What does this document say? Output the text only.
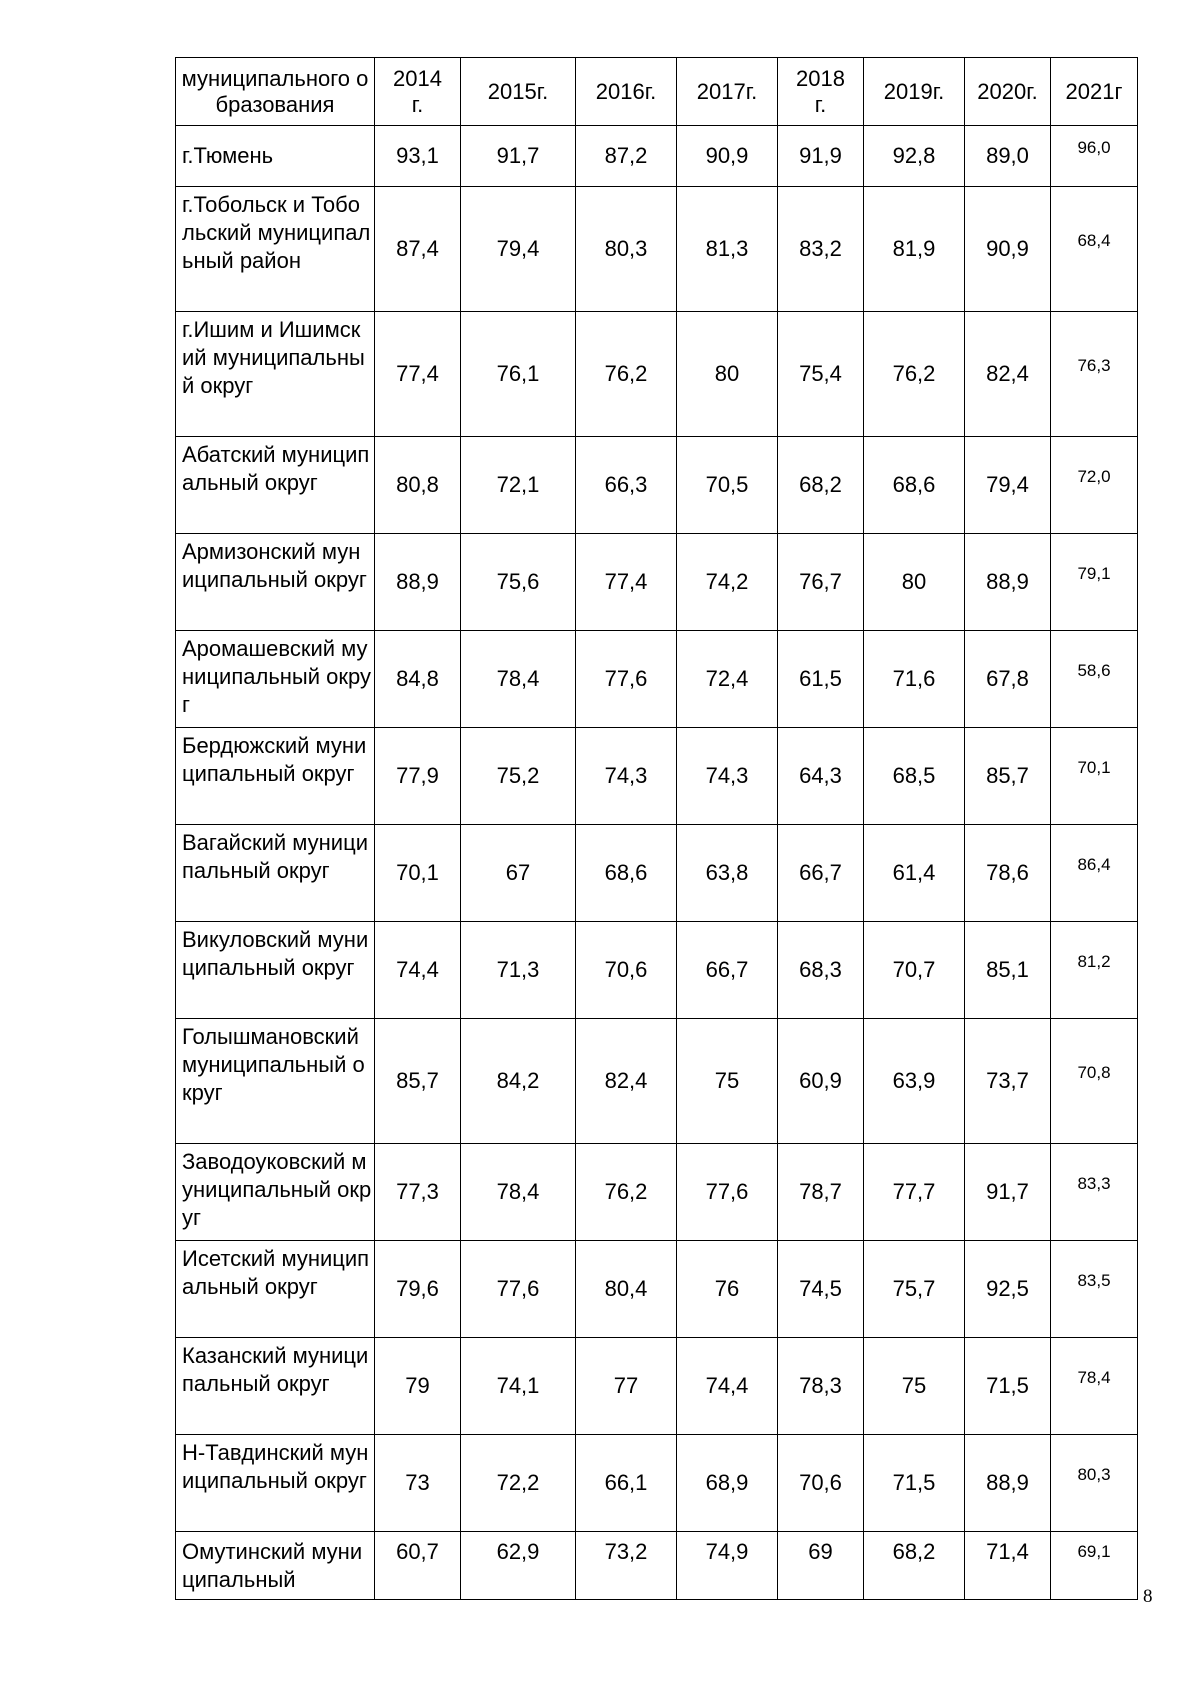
муниципального образования	2014 г.	2015г.	2016г.	2017г.	2018 г.	2019г.	2020г.	2021г
г.Тюмень	93,1	91,7	87,2	90,9	91,9	92,8	89,0	96,0
г.Тобольск и Тобольский муниципальный район	87,4	79,4	80,3	81,3	83,2	81,9	90,9	68,4
г.Ишим и Ишимский муниципальный округ	77,4	76,1	76,2	80	75,4	76,2	82,4	76,3
Абатский муниципальный округ	80,8	72,1	66,3	70,5	68,2	68,6	79,4	72,0
Армизонский муниципальный округ	88,9	75,6	77,4	74,2	76,7	80	88,9	79,1
Аромашевский муниципальный округ	84,8	78,4	77,6	72,4	61,5	71,6	67,8	58,6
Бердюжский муниципальный округ	77,9	75,2	74,3	74,3	64,3	68,5	85,7	70,1
Вагайский муниципальный округ	70,1	67	68,6	63,8	66,7	61,4	78,6	86,4
Викуловский муниципальный округ	74,4	71,3	70,6	66,7	68,3	70,7	85,1	81,2
Голышмановский муниципальный округ	85,7	84,2	82,4	75	60,9	63,9	73,7	70,8
Заводоуковский муниципальный округ	77,3	78,4	76,2	77,6	78,7	77,7	91,7	83,3
Исетский муниципальный округ	79,6	77,6	80,4	76	74,5	75,7	92,5	83,5
Казанский муниципальный округ	79	74,1	77	74,4	78,3	75	71,5	78,4
Н-Тавдинский муниципальный округ	73	72,2	66,1	68,9	70,6	71,5	88,9	80,3
Омутинский муниципальный	60,7	62,9	73,2	74,9	69	68,2	71,4	69,1
8
